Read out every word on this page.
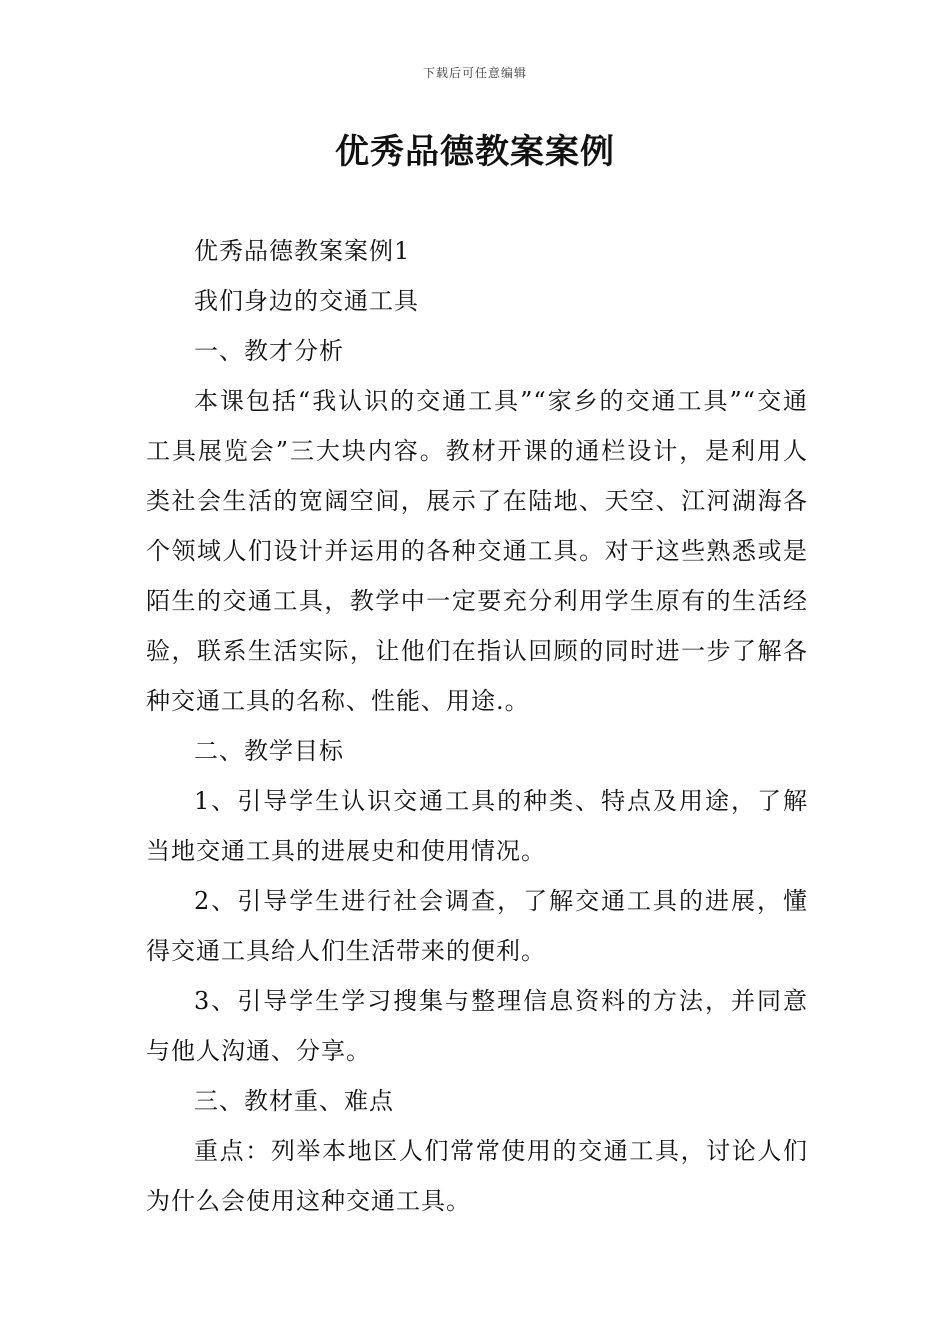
下载后可任意编辑
优秀品德教案案例

优秀品德教案案例1

我们身边的交通工具

一、教才分析

本课包括“我认识的交通工具”“家乡的交通工具”“交通工具展览会”三大块内容。教材开课的通栏设计，是利用人类社会生活的宽阔空间，展示了在陆地、天空、江河湖海各个领域人们设计并运用的各种交通工具。对于这些熟悉或是陌生的交通工具，教学中一定要充分利用学生原有的生活经验，联系生活实际，让他们在指认回顾的同时进一步了解各种交通工具的名称、性能、用途.。

二、教学目标

1、引导学生认识交通工具的种类、特点及用途，了解当地交通工具的进展史和使用情况。

2、引导学生进行社会调查，了解交通工具的进展，懂得交通工具给人们生活带来的便利。

3、引导学生学习搜集与整理信息资料的方法，并同意与他人沟通、分享。

三、教材重、难点

重点：列举本地区人们常常使用的交通工具，讨论人们为什么会使用这种交通工具。
